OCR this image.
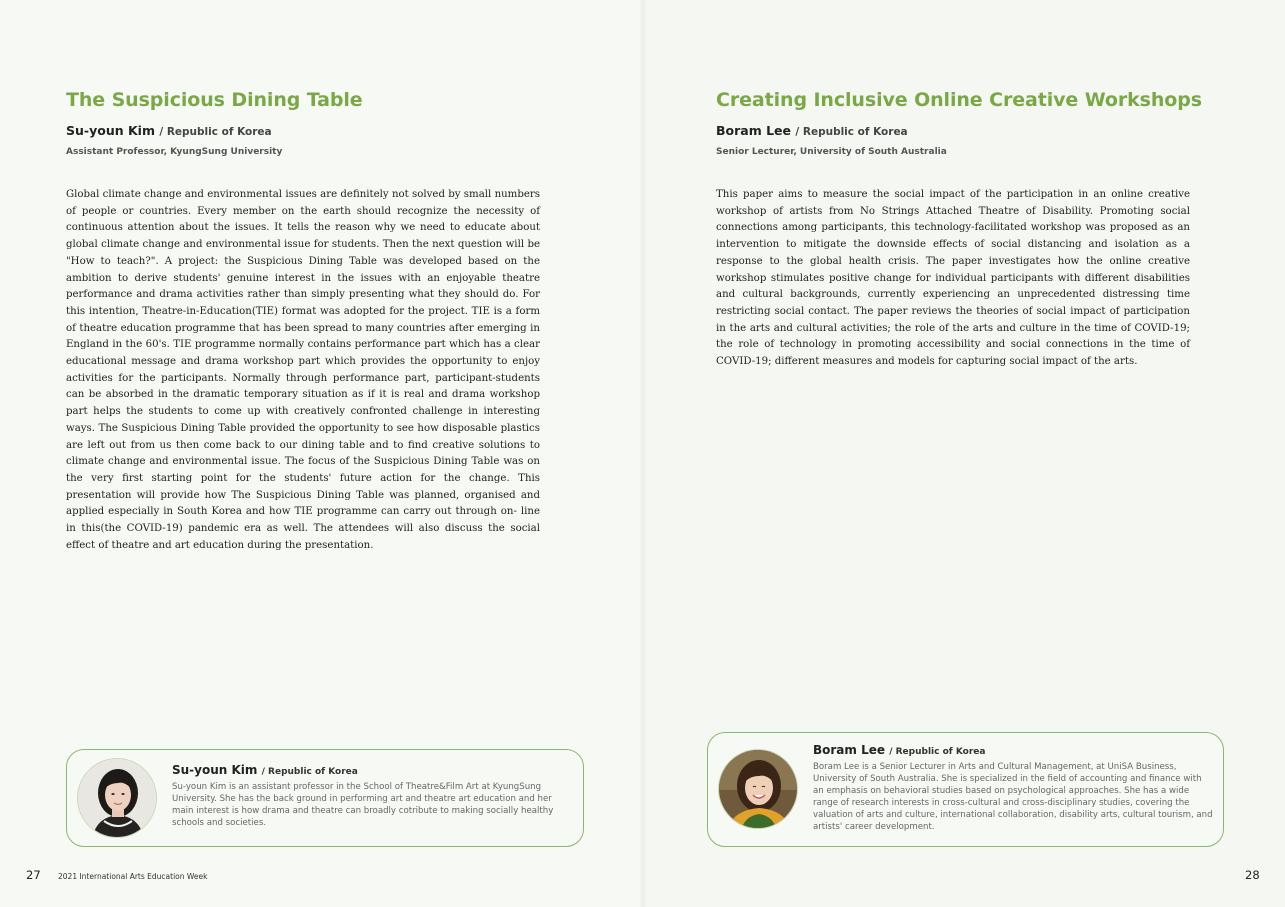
The Suspicious Dining Table
Su-youn Kim / Republic of Korea
Assistant Professor, KyungSung University
Global climate change and environmental issues are definitely not solved by small numbers of people or countries. Every member on the earth should recognize the necessity of continuous attention about the issues. It tells the reason why we need to educate about global climate change and environmental issue for students. Then the next question will be "How to teach?". A project: the Suspicious Dining Table was developed based on the ambition to derive students' genuine interest in the issues with an enjoyable theatre performance and drama activities rather than simply presenting what they should do. For this intention, Theatre-in-Education(TIE) format was adopted for the project. TIE is a form of theatre education programme that has been spread to many countries after emerging in England in the 60's. TIE programme normally contains performance part which has a clear educational message and drama workshop part which provides the opportunity to enjoy activities for the participants. Normally through performance part, participant-students can be absorbed in the dramatic temporary situation as if it is real and drama workshop part helps the students to come up with creatively confronted challenge in interesting ways. The Suspicious Dining Table provided the opportunity to see how disposable plastics are left out from us then come back to our dining table and to find creative solutions to climate change and environmental issue. The focus of the Suspicious Dining Table was on the very first starting point for the students' future action for the change. This presentation will provide how The Suspicious Dining Table was planned, organised and applied especially in South Korea and how TIE programme can carry out through on- line in this(the COVID-19) pandemic era as well. The attendees will also discuss the social effect of theatre and art education during the presentation.
Su-youn Kim / Republic of Korea
Su-youn Kim is an assistant professor in the School of Theatre&Film Art at KyungSung University. She has the back ground in performing art and theatre art education and her main interest is how drama and theatre can broadly cotribute to making socially healthy schools and societies.
Creating Inclusive Online Creative Workshops
Boram Lee / Republic of Korea
Senior Lecturer, University of South Australia
This paper aims to measure the social impact of the participation in an online creative workshop of artists from No Strings Attached Theatre of Disability. Promoting social connections among participants, this technology-facilitated workshop was proposed as an intervention to mitigate the downside effects of social distancing and isolation as a response to the global health crisis. The paper investigates how the online creative workshop stimulates positive change for individual participants with different disabilities and cultural backgrounds, currently experiencing an unprecedented distressing time restricting social contact. The paper reviews the theories of social impact of participation in the arts and cultural activities; the role of the arts and culture in the time of COVID-19; the role of technology in promoting accessibility and social connections in the time of COVID-19; different measures and models for capturing social impact of the arts.
Boram Lee / Republic of Korea
Boram Lee is a Senior Lecturer in Arts and Cultural Management, at UniSA Business, University of South Australia. She is specialized in the field of accounting and finance with an emphasis on behavioral studies based on psychological approaches. She has a wide range of research interests in cross-cultural and cross-disciplinary studies, covering the valuation of arts and culture, international collaboration, disability arts, cultural tourism, and artists' career development.
27 2021 International Arts Education Week	28
